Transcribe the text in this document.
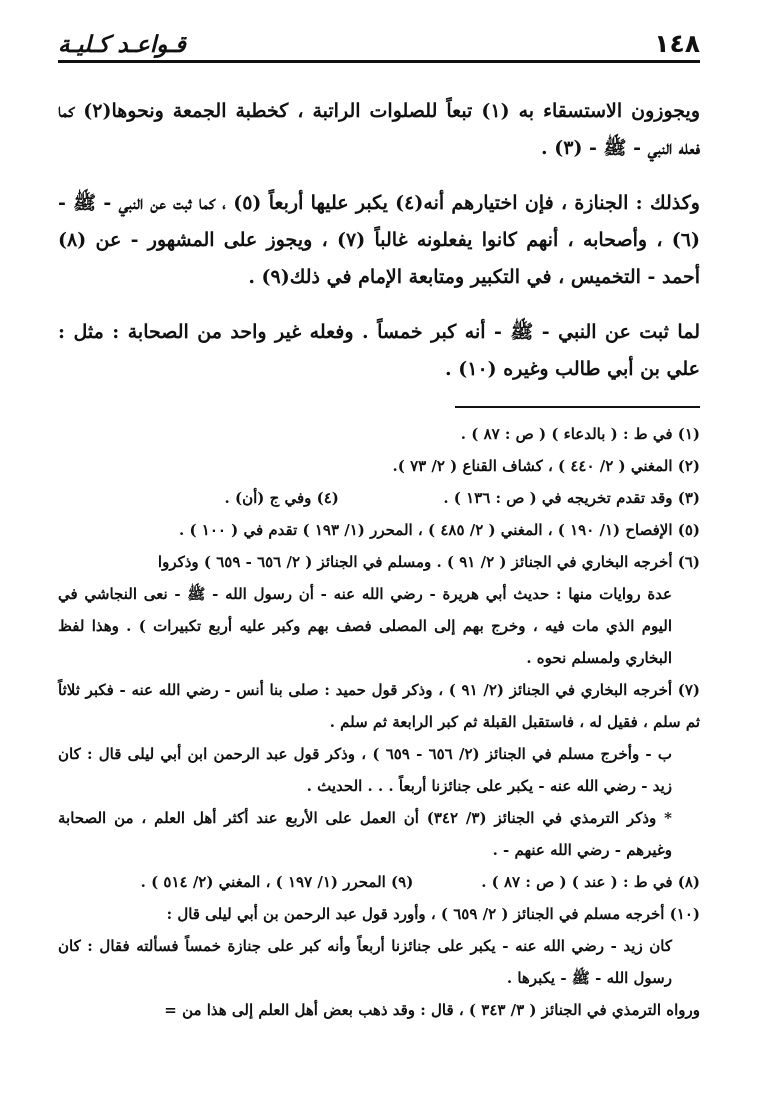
١٤٨
قـواعـد كـليـة

ويجوزون الاستسقاء به (١) تبعاً للصلوات الراتبة ، كخطبة الجمعة ونحوها(٢) كما فعله النبي - ﷺ - (٣) .

وكذلك : الجنازة ، فإن اختيارهم أنه(٤) يكبر عليها أربعاً (٥) ، كما ثبت عن النبي - ﷺ - (٦) ، وأصحابه ، أنهم كانوا يفعلونه غالباً (٧) ، ويجوز على المشهور - عن (٨) أحمد - التخميس ، في التكبير ومتابعة الإمام في ذلك(٩) .

لما ثبت عن النبي - ﷺ - أنه كبر خمساً . وفعله غير واحد من الصحابة : مثل : علي بن أبي طالب وغيره (١٠) .

(١) في ط : ( بالدعاء ) ( ص : ٨٧ ) .

(٢) المغني ( ٢/ ٤٤٠ ) ، كشاف القناع ( ٢/ ٧٣ ).

(٣) وقد تقدم تخريجه في ( ص : ١٣٦ ) .                    (٤) وفي ج (أن) .

(٥) الإفصاح (١/ ١٩٠ ) ، المغني ( ٢/ ٤٨٥ ) ، المحرر (١/ ١٩٣ ) تقدم في ( ١٠٠ ) .

(٦) أخرجه البخاري في الجنائز ( ٢/ ٩١ ) . ومسلم في الجنائز ( ٢/ ٦٥٦ - ٦٥٩ ) وذكروا

عدة روايات منها : حديث أبي هريرة - رضي الله عنه - أن رسول الله - ﷺ - نعى النجاشي في اليوم الذي مات فيه ، وخرج بهم إلى المصلى فصف بهم وكبر عليه أربع تكبيرات ) . وهذا لفظ البخاري ولمسلم نحوه .

(٧) أخرجه البخاري في الجنائز (٢/ ٩١ ) ، وذكر قول حميد : صلى بنا أنس - رضي الله عنه - فكبر ثلاثاً ثم سلم ، فقيل له ، فاستقبل القبلة ثم كبر الرابعة ثم سلم .

ب - وأخرج مسلم في الجنائز (٢/ ٦٥٦ - ٦٥٩ ) ، وذكر قول عبد الرحمن ابن أبي ليلى قال : كان زيد - رضي الله عنه - يكبر على جنائزنا أربعاً . . . الحديث .

* وذكر الترمذي في الجنائز (٣/ ٣٤٢) أن العمل على الأربع عند أكثر أهل العلم ، من الصحابة وغيرهم - رضي الله عنهم - .

(٨) في ط : ( عند ) ( ص : ٨٧ ) .             (٩) المحرر (١/ ١٩٧ ) ، المغني (٢/ ٥١٤ ) .

(١٠) أخرجه مسلم في الجنائز ( ٢/ ٦٥٩ ) ، وأورد قول عبد الرحمن بن أبي ليلى قال :

كان زيد - رضي الله عنه - يكبر على جنائزنا أربعاً وأنه كبر على جنازة خمساً فسألته فقال : كان رسول الله - ﷺ - يكبرها .

ورواه الترمذي في الجنائز ( ٣/ ٣٤٣ ) ، قال : وقد ذهب بعض أهل العلم إلى هذا من =
